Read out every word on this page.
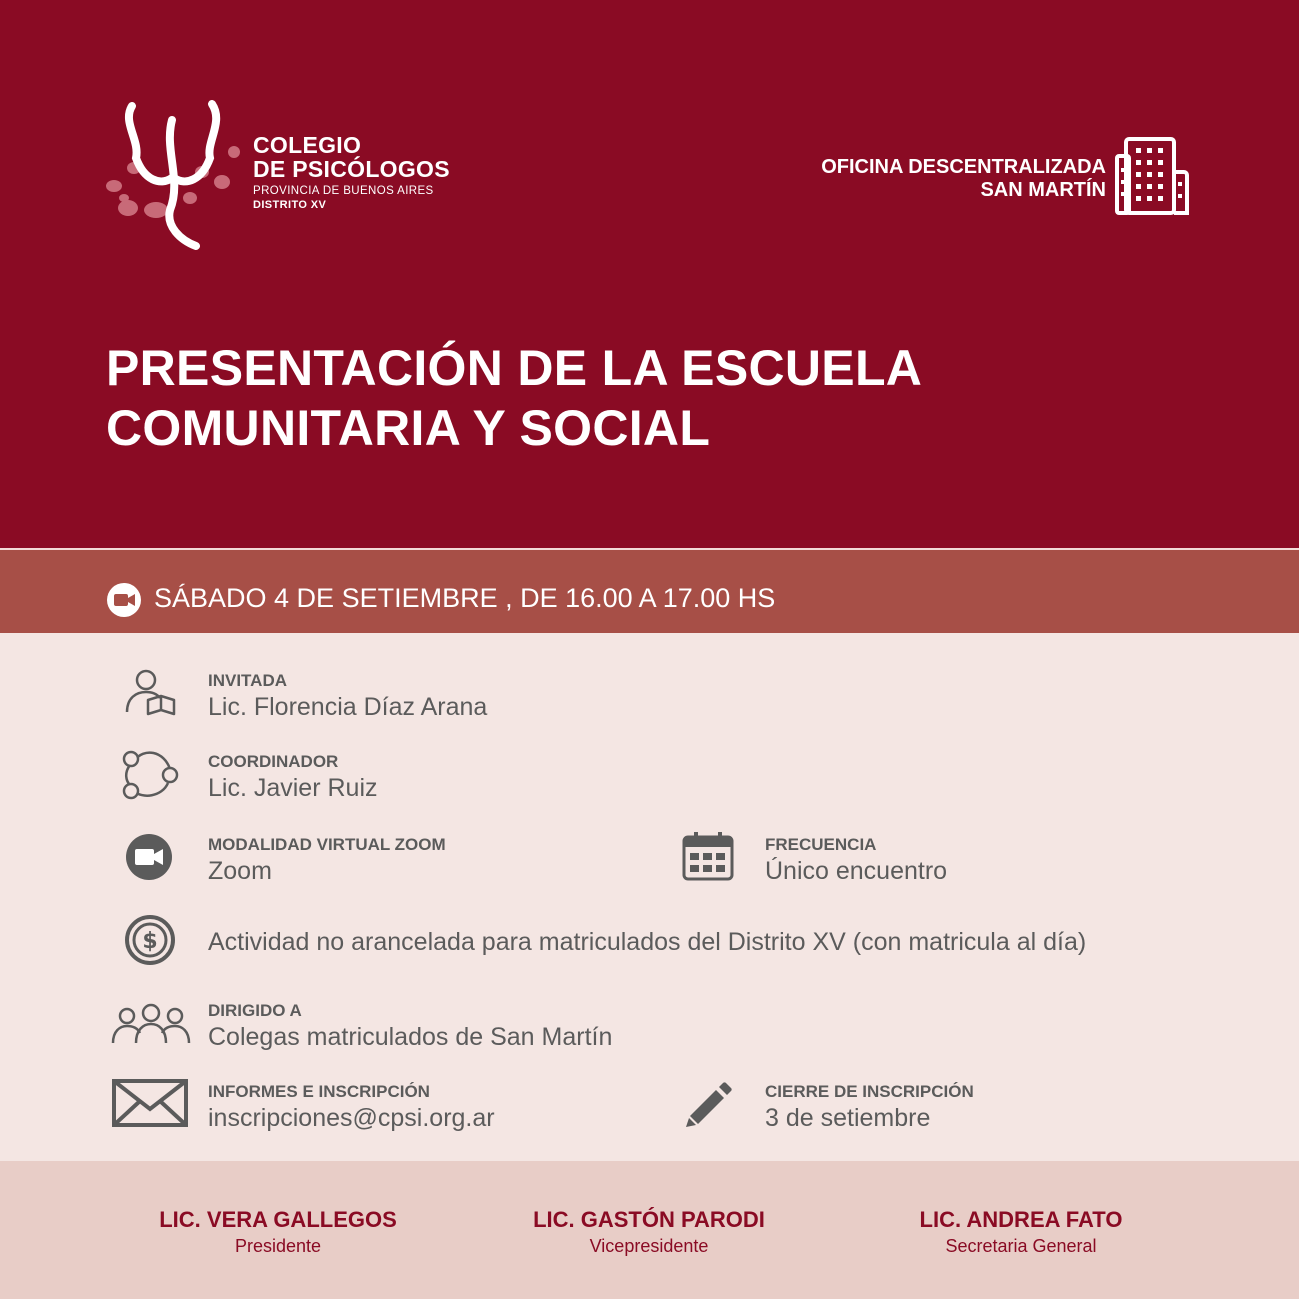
COLEGIO
DE PSICÓLOGOS
PROVINCIA DE BUENOS AIRES
DISTRITO XV
OFICINA DESCENTRALIZADA
SAN MARTÍN
PRESENTACIÓN DE LA ESCUELA
COMUNITARIA Y SOCIAL
SÁBADO 4 DE SETIEMBRE , DE 16.00 A 17.00 HS
INVITADA
Lic. Florencia Díaz Arana
COORDINADOR
Lic. Javier Ruiz
MODALIDAD VIRTUAL ZOOM
Zoom
FRECUENCIA
Único encuentro
$ Actividad no arancelada para matriculados del Distrito XV (con matricula al día)
DIRIGIDO A
Colegas matriculados de San Martín
INFORMES E INSCRIPCIÓN
inscripciones@cpsi.org.ar
CIERRE DE INSCRIPCIÓN
3 de setiembre
LIC. VERA GALLEGOS
Presidente
LIC. GASTÓN PARODI
Vicepresidente
LIC. ANDREA FATO
Secretaria General
